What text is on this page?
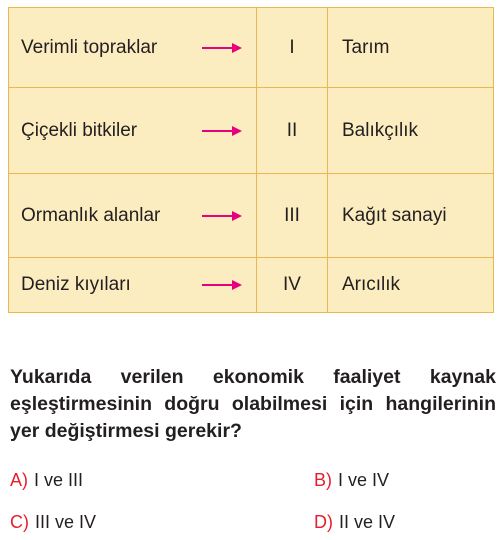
Verimli topraklar	I	Tarım

Çiçekli bitkiler	II	Balıkçılık

Ormanlık alanlar	III	Kağıt sanayi

Deniz kıyıları	IV	Arıcılık
Yukarıda verilen ekonomik faaliyet kaynak eşleştirmesinin doğru olabilmesi için hangilerinin yer değiştirmesi gerekir?
A) I ve III	B) I ve IV
C) III ve IV	D) II ve IV
